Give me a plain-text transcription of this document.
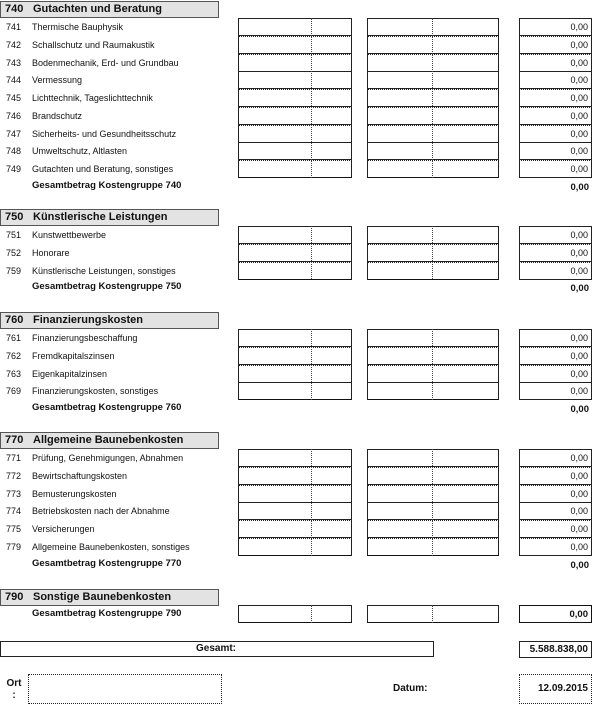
740 Gutachten und Beratung
741 Thermische Bauphysik	0,00
742 Schallschutz und Raumakustik	0,00
743 Bodenmechanik, Erd- und Grundbau	0,00
744 Vermessung	0,00
745 Lichttechnik, Tageslichttechnik	0,00
746 Brandschutz	0,00
747 Sicherheits- und Gesundheitsschutz	0,00
748 Umweltschutz, Altlasten	0,00
749 Gutachten und Beratung, sonstiges	0,00
Gesamtbetrag Kostengruppe 740	0,00
750 Künstlerische Leistungen
751 Kunstwettbewerbe	0,00
752 Honorare	0,00
759 Künstlerische Leistungen, sonstiges	0,00
Gesamtbetrag Kostengruppe 750	0,00
760 Finanzierungskosten
761 Finanzierungsbeschaffung	0,00
762 Fremdkapitalszinsen	0,00
763 Eigenkapitalzinsen	0,00
769 Finanzierungskosten, sonstiges	0,00
Gesamtbetrag Kostengruppe 760	0,00
770 Allgemeine Baunebenkosten
771 Prüfung, Genehmigungen, Abnahmen	0,00
772 Bewirtschaftungskosten	0,00
773 Bemusterungskosten	0,00
774 Betriebskosten nach der Abnahme	0,00
775 Versicherungen	0,00
779 Allgemeine Baunebenkosten, sonstiges	0,00
Gesamtbetrag Kostengruppe 770	0,00
790 Sonstige Baunebenkosten
Gesamtbetrag Kostengruppe 790	0,00
Gesamt:	5.588.838,00
Ort
:
Datum:	12.09.2015
